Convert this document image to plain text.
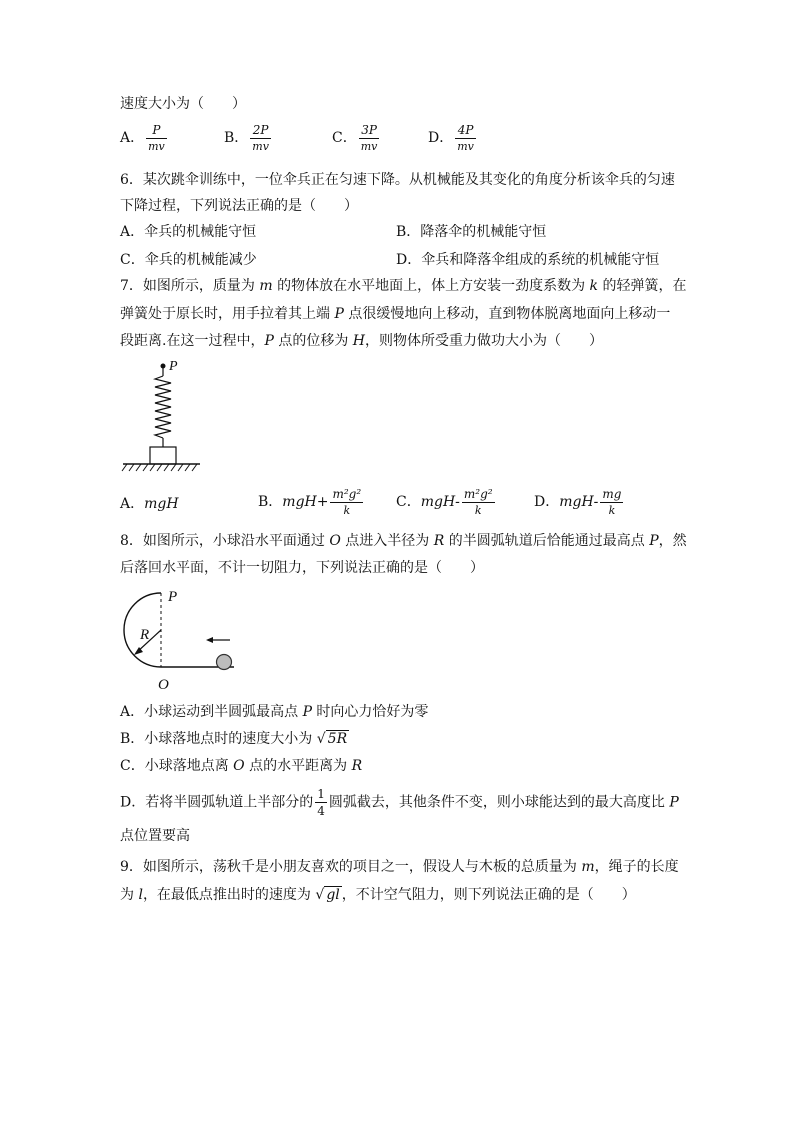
速度大小为（　　）
A． $\frac{P}{mv}$	B． $\frac{2P}{mv}$	C． $\frac{3P}{mv}$	D． $\frac{4P}{mv}$
6．某次跳伞训练中，一位伞兵正在匀速下降。从机械能及其变化的角度分析该伞兵的匀速
下降过程，下列说法正确的是（　　）
A．伞兵的机械能守恒	B．降落伞的机械能守恒
C．伞兵的机械能减少	D．伞兵和降落伞组成的系统的机械能守恒
7．如图所示，质量为 m 的物体放在水平地面上，体上方安装一劲度系数为 k 的轻弹簧，在
弹簧处于原长时，用手拉着其上端 P 点很缓慢地向上移动，直到物体脱离地面向上移动一
段距离.在这一过程中，P 点的位移为 H，则物体所受重力做功大小为（　　）
P
A．mgH	B．$mgH+ \frac{\text{m²g²}}{k}$ C．$mgH- \frac{\text{m²g²}}{k}$	D．$mgH- \frac{mg}{k}$
8．如图所示，小球沿水平面通过 O 点进入半径为 R 的半圆弧轨道后恰能通过最高点 P，然
后落回水平面，不计一切阻力，下列说法正确的是（　　）
P
R
O
A．小球运动到半圆弧最高点 P 时向心力恰好为零
B．小球落地点时的速度大小为 √ 5R
C．小球落地点离 O 点的水平距离为 R
D．若将半圆弧轨道上半部分的 $\frac{1}{4}$ 圆弧截去，其他条件不变，则小球能达到的最大高度比 P
点位置要高
9．如图所示，荡秋千是小朋友喜欢的项目之一，假设人与木板的总质量为 m，绳子的长度
为 l，在最低点推出时的速度为 √ gl ，不计空气阻力，则下列说法正确的是（　　）
